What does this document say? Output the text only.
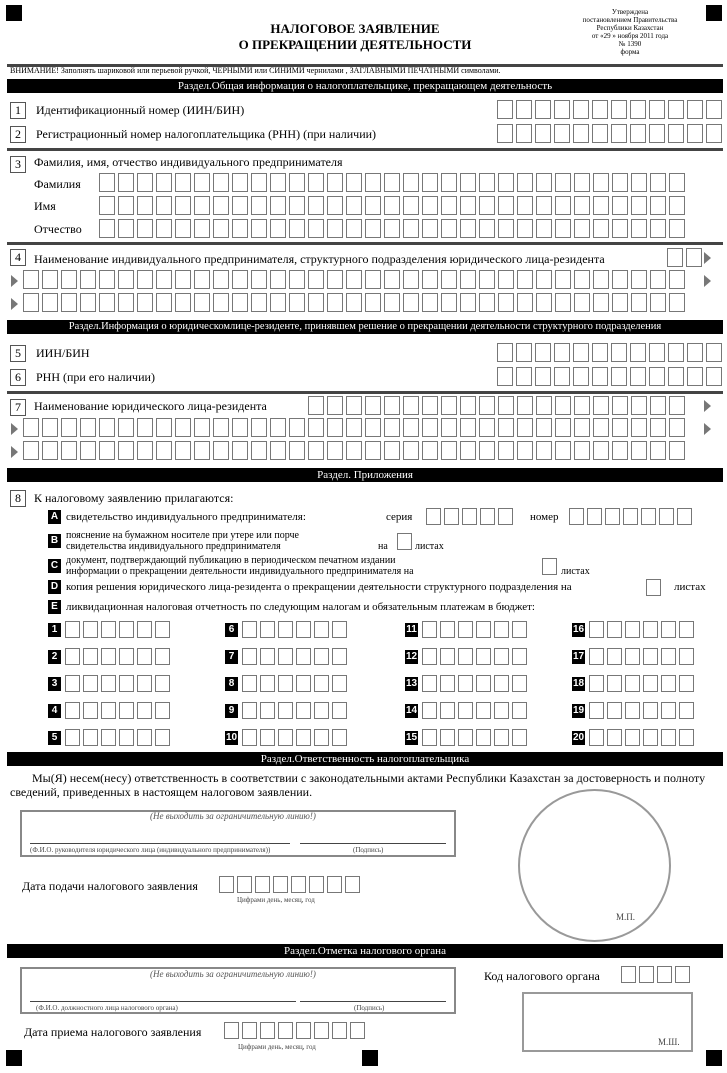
НАЛОГОВОЕ ЗАЯВЛЕНИЕ
О ПРЕКРАЩЕНИИ ДЕЯТЕЛЬНОСТИ
Утверждена
постановлением Правительства
Республики Казахстан
от «29 » ноября 2011 года
№ 1390
форма
ВНИМАНИЕ! Заполнять шариковой или перьевой ручкой, ЧЕРНЫМИ или СИНИМИ чернилами , ЗАГЛАВНЫМИ ПЕЧАТНЫМИ символами.
Раздел.Общая информация о налогоплательщике, прекращающем деятельность
1	Идентификационный номер (ИИН/БИН)
2	Регистрационный номер налогоплательщика (РНН) (при наличии)
3	Фамилия, имя, отчество индивидуального предпринимателя
Фамилия
Имя
Отчество
4	Наименование индивидуального предпринимателя, структурного подразделения юридического лица-резидента
Раздел.Информация о юридическомлице-резиденте, принявшем решение о прекращении деятельности структурного подразделения
5	ИИН/БИН
6	РНН (при его наличии)
7	Наименование юридического лица-резидента
Раздел. Приложения
8	К налоговому заявлению прилагаются:
A свидетельство индивидуального предпринимателя:	серия	номер
B пояснение на бумажном носителе при утере или порче
свидетельства индивидуального предпринимателя	на	листах
C документ, подтверждающий публикацию в периодическом печатном издании
информации о прекращении деятельности индивидуального предпринимателя на	листах
D копия решения юридического лица-резидента о прекращении деятельности структурного подразделения на	листах
E ликвидационная налоговая отчетность по следующим налогам и обязательным платежам в бюджет:
1
2
3
4
5
6
7
8
9
10
11
12
13
14
15
16
17
18
19
20
Раздел.Ответственность налогоплательщика
Мы(Я) несем(несу) ответственность в соответствии с законодательными актами Республики Казахстан за достоверность и полноту сведений, приведенных в настоящем налоговом заявлении.
(Не выходить за ограничительную линию!)
(Ф.И.О. руководителя юридического лица (индивидуального предпринимателя))	(Подпись)
Дата подачи налогового заявления
Цифрами день, месяц, год
М.П.
Раздел.Отметка налогового органа
(Не выходить за ограничительную линию!)
(Ф.И.О. должностного лица налогового органа)	(Подпись)
Код налогового органа
М.Ш.
Дата приема налогового заявления
Цифрами день, месяц, год
